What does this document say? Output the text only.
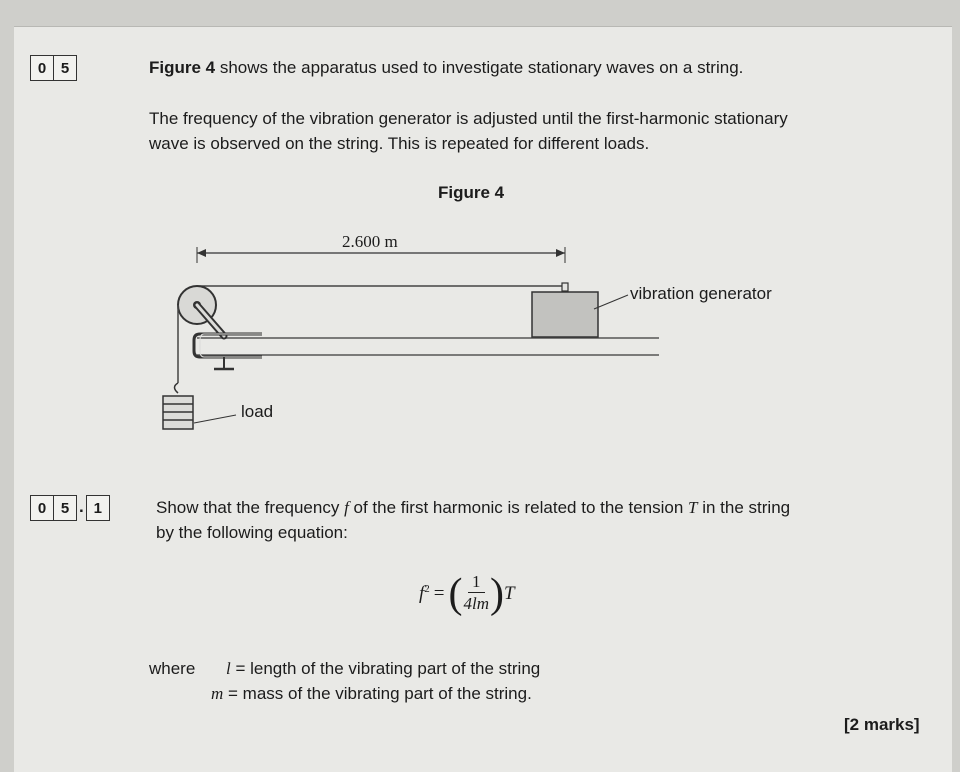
0 5	Figure 4 shows the apparatus used to investigate stationary waves on a string.
The frequency of the vibration generator is adjusted until the first-harmonic stationary
wave is observed on the string. This is repeated for different loads.
Figure 4
2.600 m
vibration generator
load
0 5 . 1	Show that the frequency f of the first harmonic is related to the tension T in the string
by the following equation:
$f^2$ = ( $\frac{1}{4lm}$ ) T
where l = length of the vibrating part of the string
m = mass of the vibrating part of the string.
[2 marks]
